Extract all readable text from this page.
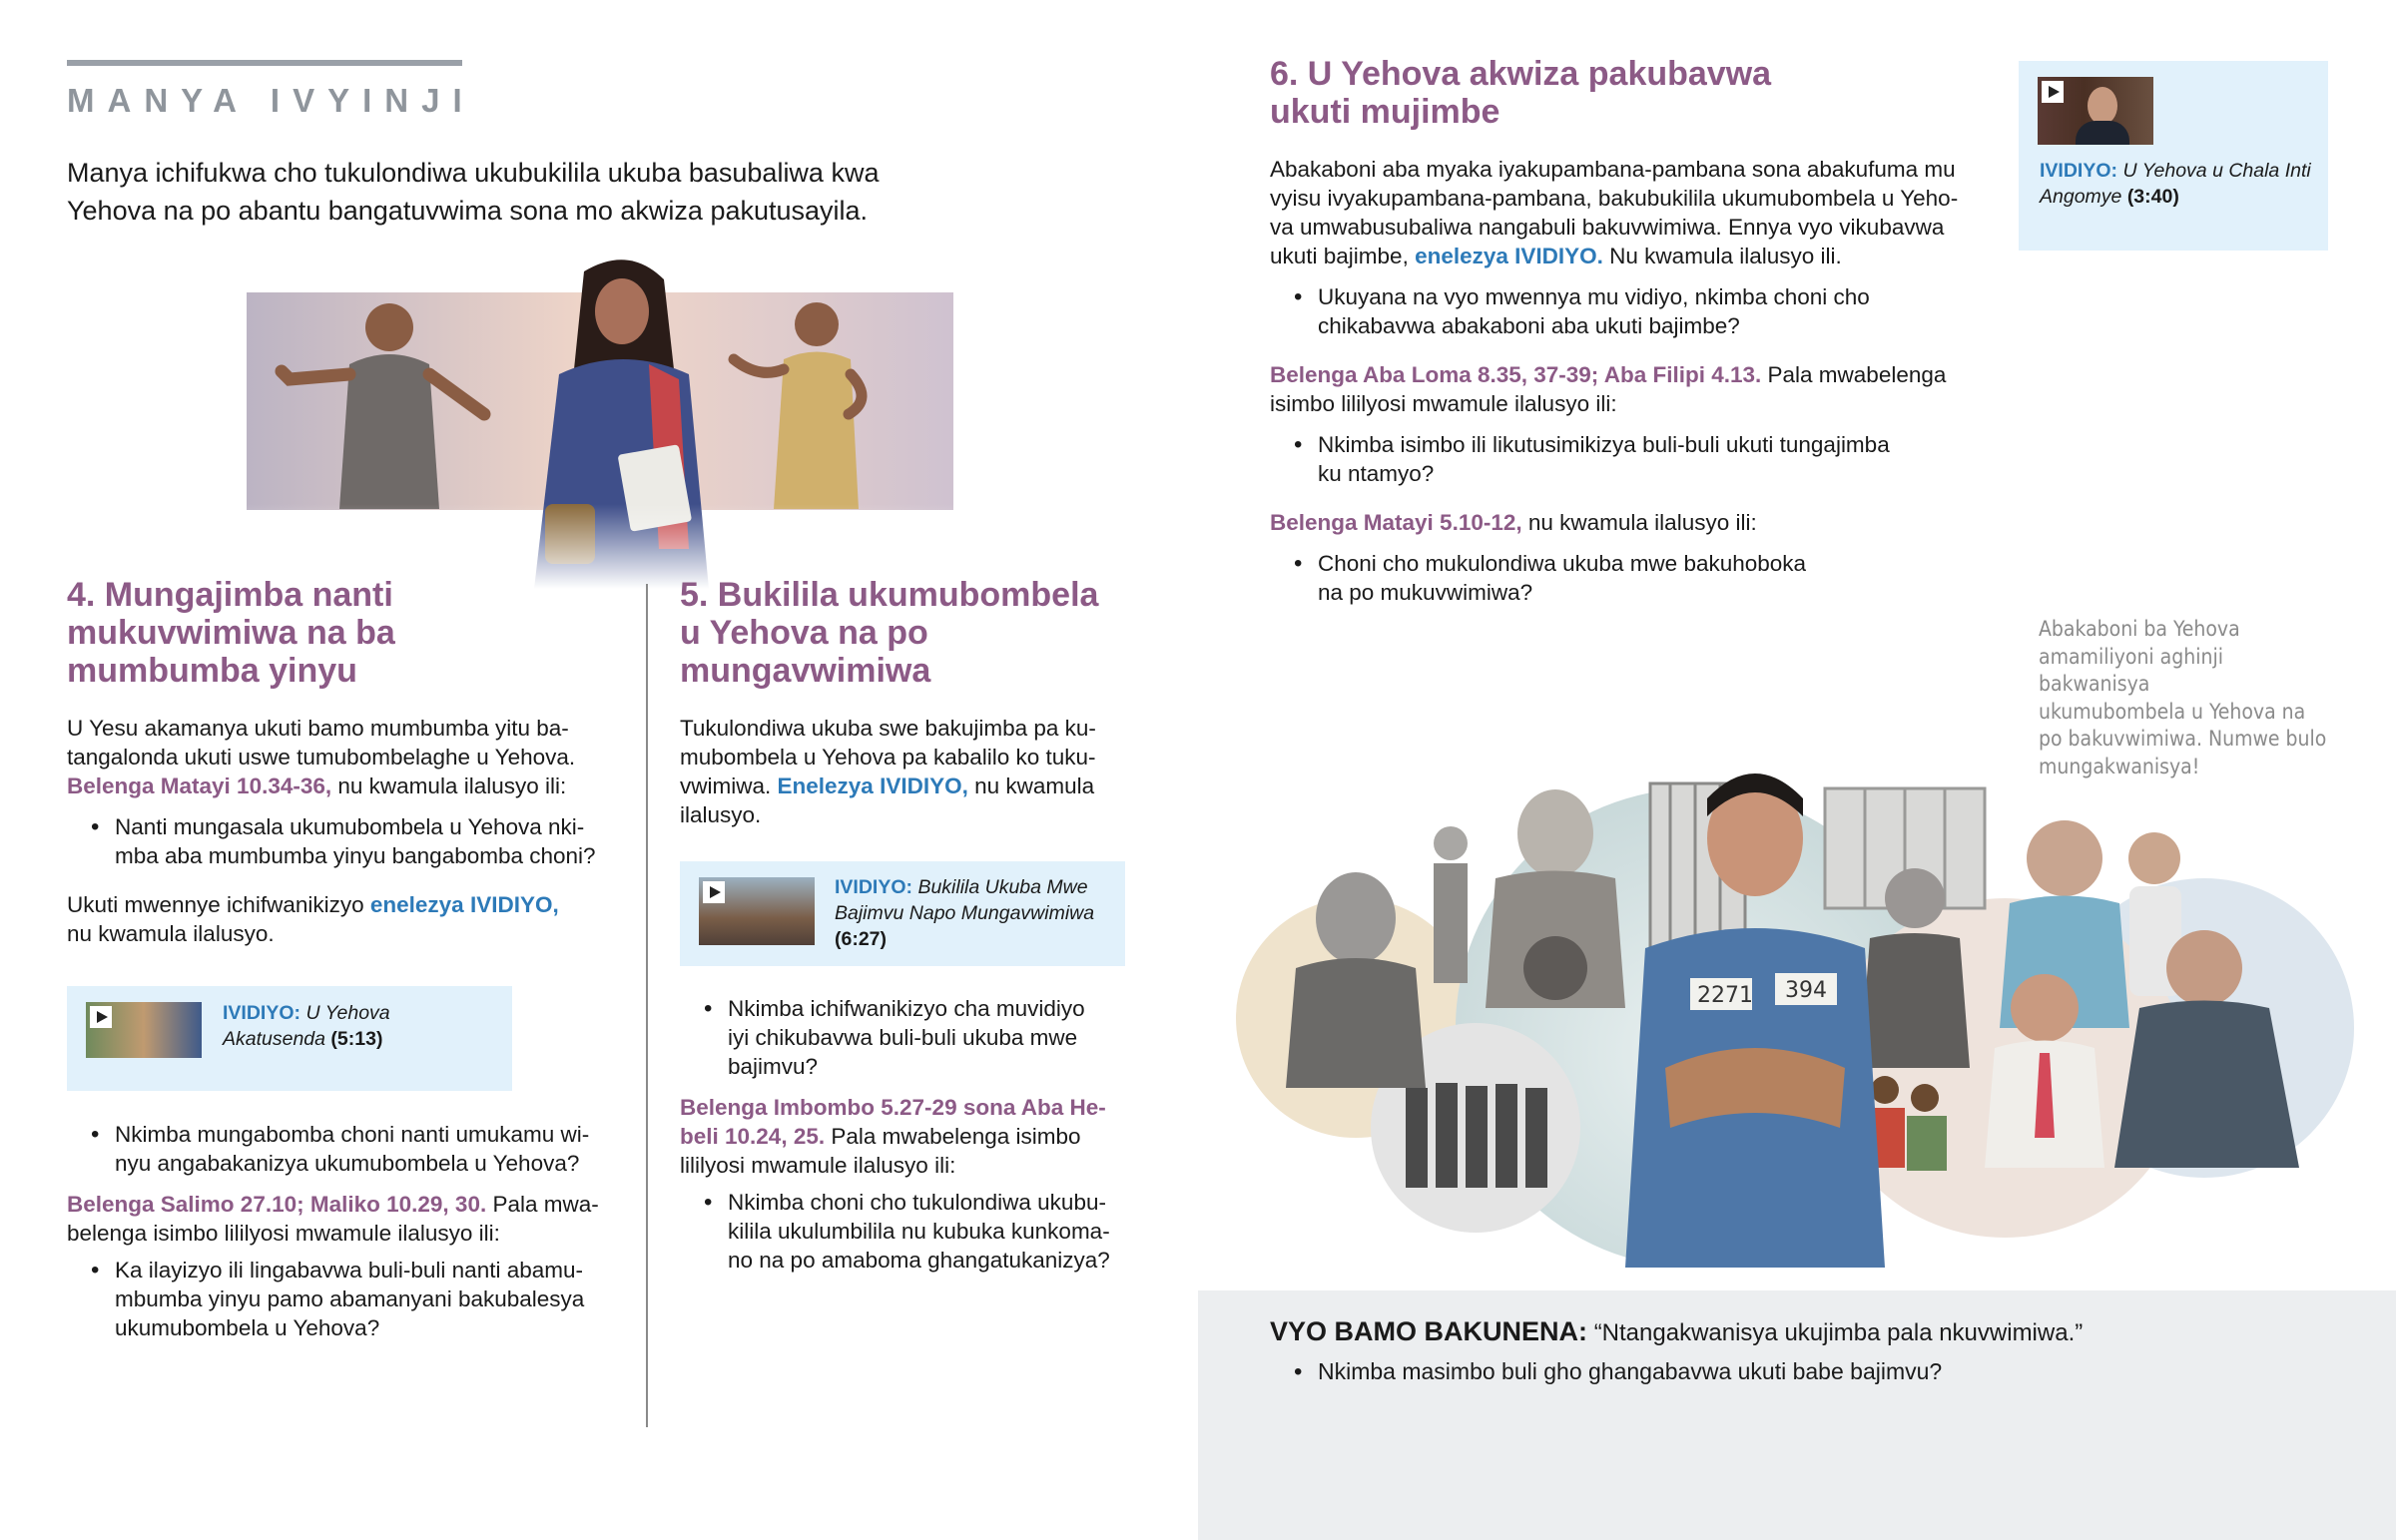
MANYA IVYINJI
Manya ichifukwa cho tukulondiwa ukubukilila ukuba basubaliwa kwa Yehova na po abantu bangatuvwima sona mo akwiza pakutusayila.
4. Mungajimba nanti
mukuvwimiwa na ba
mumbumba yinyu

U Yesu akamanya ukuti bamo mumbumba yitu ba-
tangalonda ukuti uswe tumubombelaghe u Yehova.
Belenga Matayi 10.34-36, nu kwamula ilalusyo ili:

• Nanti mungasala ukumubombela u Yehova nki-
mba aba mumbumba yinyu bangabomba choni?

Ukuti mwennye ichifwanikizyo enelezya IVIDIYO,
nu kwamula ilalusyo.

IVIDIYO: U Yehova
Akatusenda (5:13)

• Nkimba mungabomba choni nanti umukamu wi-
nyu angabakanizya ukumubombela u Yehova?

Belenga Salimo 27.10; Maliko 10.29, 30. Pala mwa-
belenga isimbo lililyosi mwamule ilalusyo ili:

• Ka ilayizyo ili lingabavwa buli-buli nanti abamu-
mbumba yinyu pamo abamanyani bakubalesya
ukumubombela u Yehova?

5. Bukilila ukumubombela
u Yehova na po
mungavwimiwa

Tukulondiwa ukuba swe bakujimba pa ku-
mubombela u Yehova pa kabalilo ko tuku-
vwimiwa. Enelezya IVIDIYO, nu kwamula
ilalusyo.

IVIDIYO: Bukilila Ukuba Mwe
Bajimvu Napo Mungavwimiwa
(6:27)

• Nkimba ichifwanikizyo cha muvidiyo
iyi chikubavwa buli-buli ukuba mwe
bajimvu?

Belenga Imbombo 5.27-29 sona Aba He-
beli 10.24, 25. Pala mwabelenga isimbo
lililyosi mwamule ilalusyo ili:

• Nkimba choni cho tukulondiwa ukubu-
kilila ukulumbilila nu kubuka kunkoma-
no na po amaboma ghangatukanizya?

6. U Yehova akwiza pakubavwa
ukuti mujimbe

Abakaboni aba myaka iyakupambana-pambana sona abakufuma mu
vyisu ivyakupambana-pambana, bakubukilila ukumubombela u Yeho-
va umwabusubaliwa nangabuli bakuvwimiwa. Ennya vyo vikubavwa
ukuti bajimbe, enelezya IVIDIYO. Nu kwamula ilalusyo ili.

• Ukuyana na vyo mwennya mu vidiyo, nkimba choni cho
chikabavwa abakaboni aba ukuti bajimbe?

Belenga Aba Loma 8.35, 37-39; Aba Filipi 4.13. Pala mwabelenga
isimbo lililyosi mwamule ilalusyo ili:

• Nkimba isimbo ili likutusimikizya buli-buli ukuti tungajimba
ku ntamyo?

Belenga Matayi 5.10-12, nu kwamula ilalusyo ili:

• Choni cho mukulondiwa ukuba mwe bakuhoboka
na po mukuvwimiwa?

IVIDIYO: U Yehova u Chala Inti
Angomye (3:40)
Abakaboni ba Yehova
amamiliyoni aghinji bakwanisya
ukumubombela u Yehova na
po bakuvwimiwa. Numwe bulo
mungakwanisya!
2271 394

VYO BAMO BAKUNENA: “Ntangakwanisya ukujimba pala nkuvwimiwa.”

• Nkimba masimbo buli gho ghangabavwa ukuti babe bajimvu?
